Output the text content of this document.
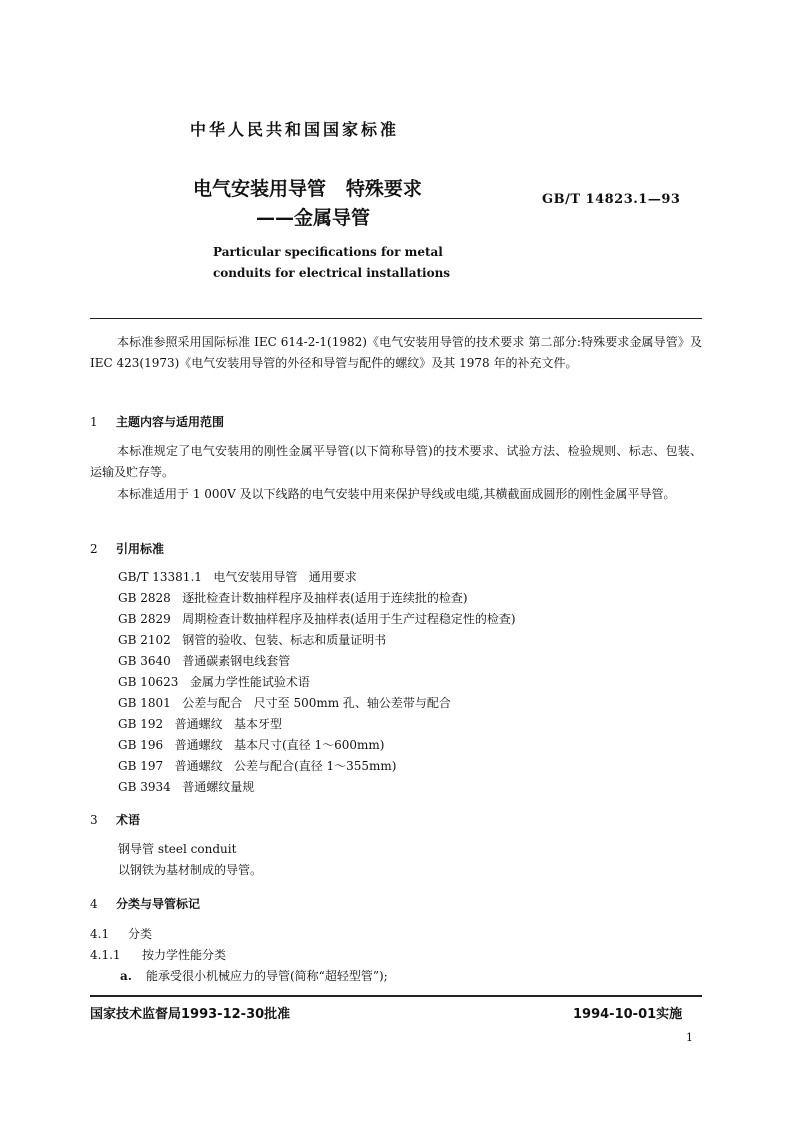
中华人民共和国国家标准
电气安装用导管   特殊要求
——金属导管
GB/T 14823.1—93
Particular specifications for metal
conduits for electrical installations
本标准参照采用国际标准 IEC 614-2-1(1982)《电气安装用导管的技术要求 第二部分:特殊要求金属导管》及 IEC 423(1973)《电气安装用导管的外径和导管与配件的螺纹》及其 1978 年的补充文件。
1 主题内容与适用范围
本标准规定了电气安装用的刚性金属平导管(以下简称导管)的技术要求、试验方法、检验规则、标志、包装、运输及贮存等。
本标准适用于 1 000V 及以下线路的电气安装中用来保护导线或电缆,其横截面成圆形的刚性金属平导管。
2 引用标准
GB/T 13381.1   电气安装用导管   通用要求
GB 2828   逐批检查计数抽样程序及抽样表(适用于连续批的检查)
GB 2829   周期检查计数抽样程序及抽样表(适用于生产过程稳定性的检查)
GB 2102   钢管的验收、包装、标志和质量证明书
GB 3640   普通碳素钢电线套管
GB 10623   金属力学性能试验术语
GB 1801   公差与配合   尺寸至 500mm 孔、轴公差带与配合
GB 192   普通螺纹   基本牙型
GB 196   普通螺纹   基本尺寸(直径 1～600mm)
GB 197   普通螺纹   公差与配合(直径 1～355mm)
GB 3934   普通螺纹量规
3 术语
钢导管 steel conduit
以钢铁为基材制成的导管。
4 分类与导管标记
4.1 分类
4.1.1 按力学性能分类
a. 能承受很小机械应力的导管(简称“超轻型管”);
国家技术监督局1993-12-30批准	1994-10-01实施
1
